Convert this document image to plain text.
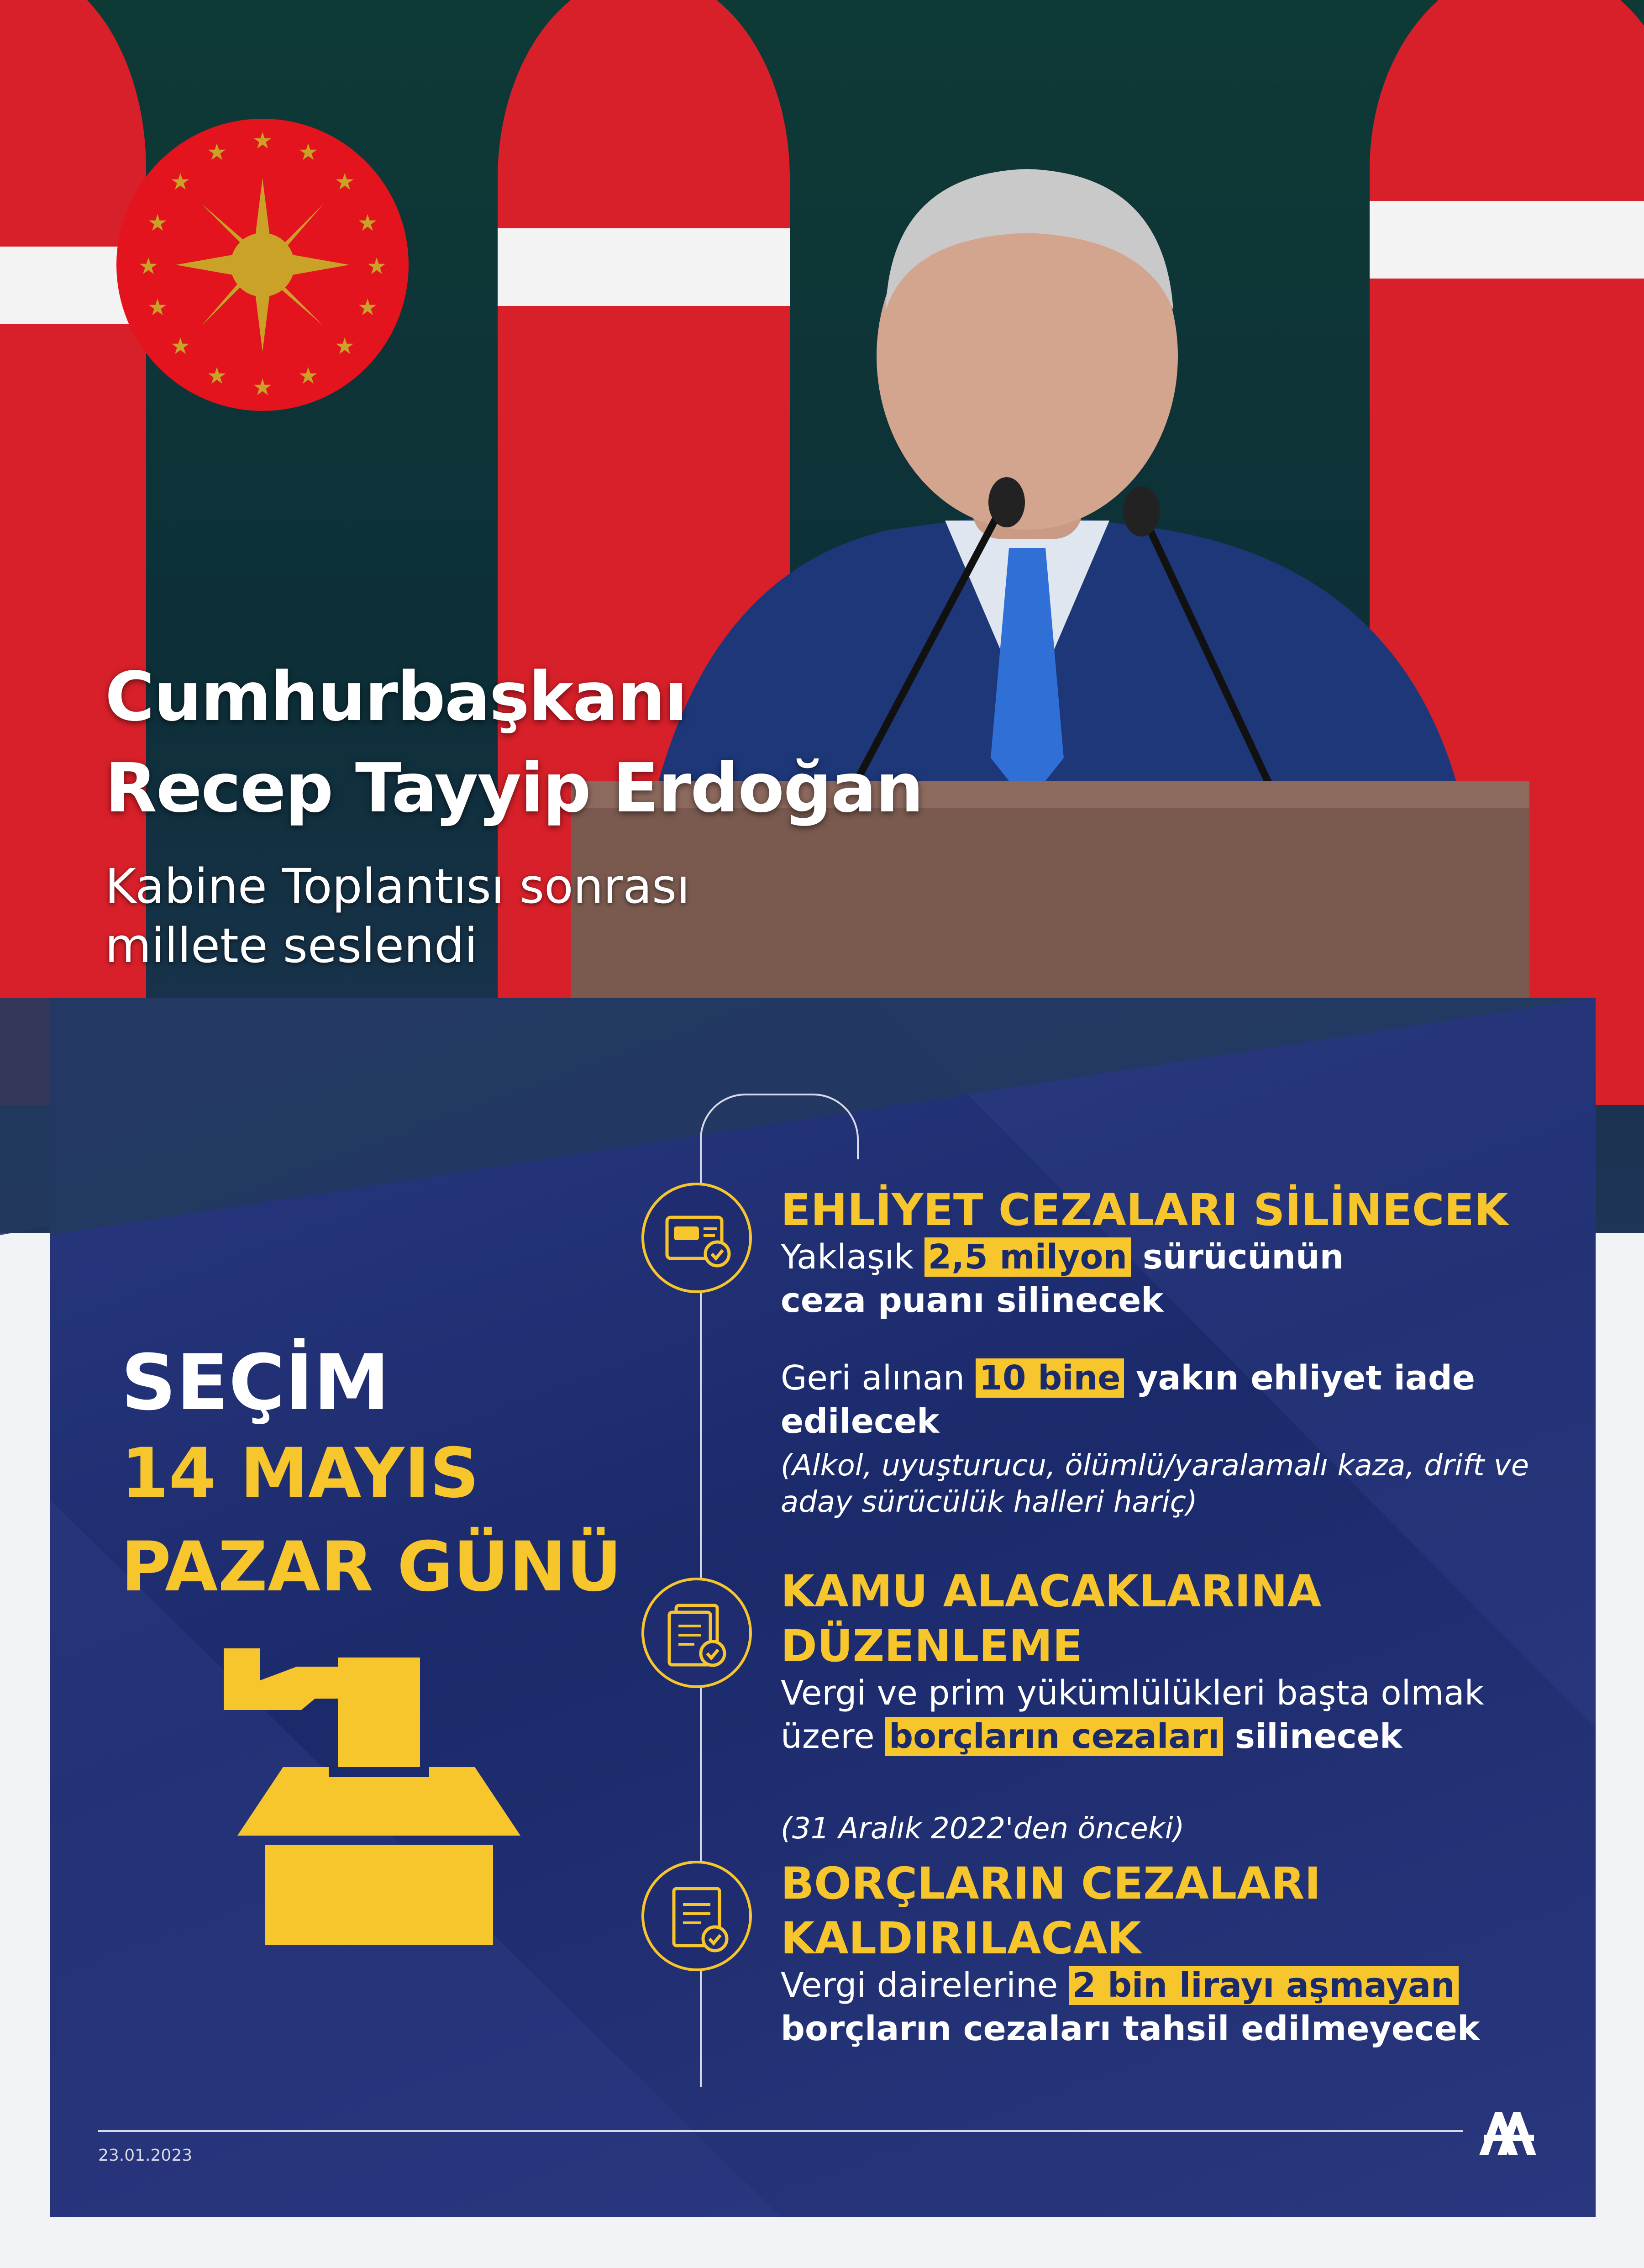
★ ★
★
★
★
★
★
★
★
★
★
★
★
★
★
★
Cumhurbaşkanı
Recep Tayyip Erdoğan
Kabine Toplantısı sonrası
millete seslendi
SEÇİM
14 MAYIS
PAZAR GÜNÜ
EHLİYET CEZALARI SİLİNECEK
Yaklaşık 2,5 milyon sürücünün
ceza puanı silinecek
Geri alınan 10 bine yakın ehliyet iade
edilecek
(Alkol, uyuşturucu, ölümlü/yaralamalı kaza, drift ve
aday sürücülük halleri hariç)
KAMU ALACAKLARINA
DÜZENLEME
Vergi ve prim yükümlülükleri başta olmak
üzere borçların cezaları silinecek
(31 Aralık 2022'den önceki)
BORÇLARIN CEZALARI
KALDIRILACAK
Vergi dairelerine 2 bin lirayı aşmayan
borçların cezaları tahsil edilmeyecek
23.01.2023
